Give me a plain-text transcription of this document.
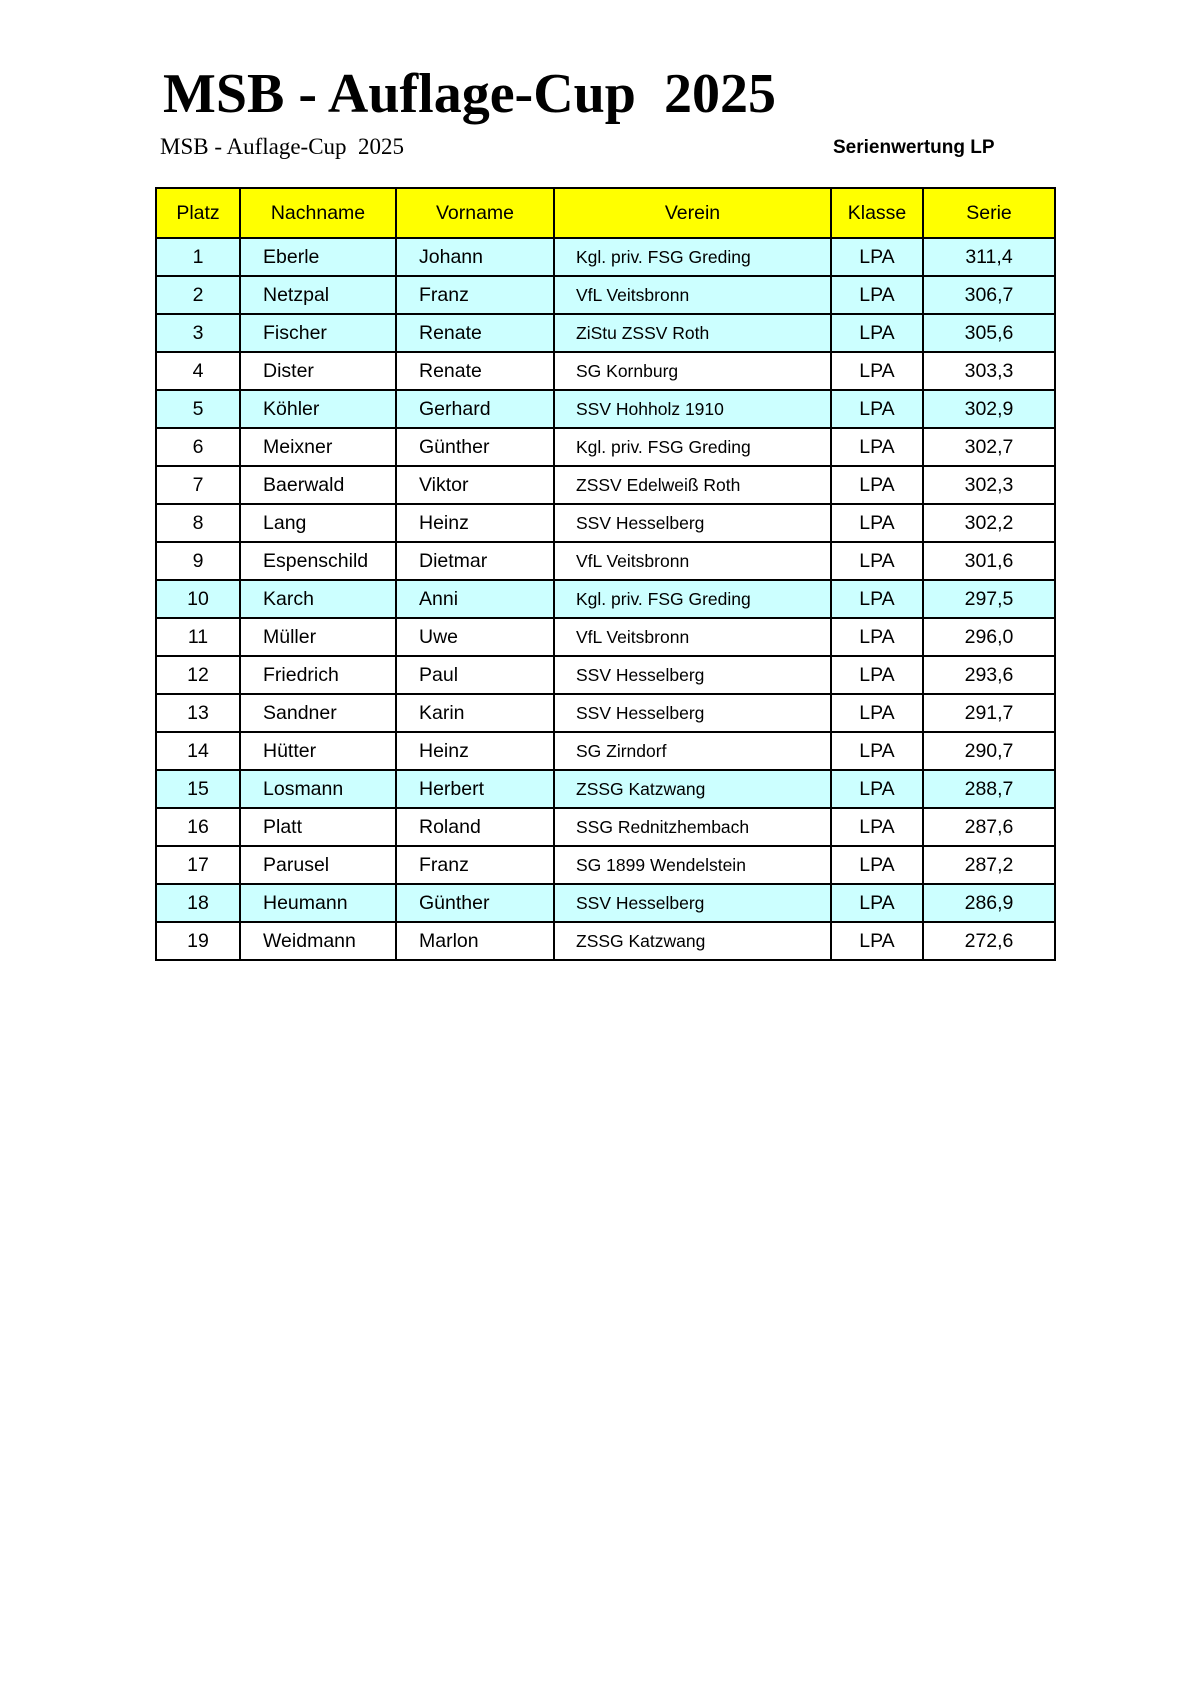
MSB - Auflage-Cup  2025
MSB - Auflage-Cup  2025	Serienwertung LP
Platz	Nachname	Vorname	Verein	Klasse	Serie
1	Eberle	Johann	Kgl. priv. FSG Greding	LPA	311,4
2	Netzpal	Franz	VfL Veitsbronn	LPA	306,7
3	Fischer	Renate	ZiStu ZSSV Roth	LPA	305,6
4	Dister	Renate	SG Kornburg	LPA	303,3
5	Köhler	Gerhard	SSV Hohholz 1910	LPA	302,9
6	Meixner	Günther	Kgl. priv. FSG Greding	LPA	302,7
7	Baerwald	Viktor	ZSSV Edelweiß Roth	LPA	302,3
8	Lang	Heinz	SSV Hesselberg	LPA	302,2
9	Espenschild	Dietmar	VfL Veitsbronn	LPA	301,6
10	Karch	Anni	Kgl. priv. FSG Greding	LPA	297,5
11	Müller	Uwe	VfL Veitsbronn	LPA	296,0
12	Friedrich	Paul	SSV Hesselberg	LPA	293,6
13	Sandner	Karin	SSV Hesselberg	LPA	291,7
14	Hütter	Heinz	SG Zirndorf	LPA	290,7
15	Losmann	Herbert	ZSSG Katzwang	LPA	288,7
16	Platt	Roland	SSG Rednitzhembach	LPA	287,6
17	Parusel	Franz	SG 1899 Wendelstein	LPA	287,2
18	Heumann	Günther	SSV Hesselberg	LPA	286,9
19	Weidmann	Marlon	ZSSG Katzwang	LPA	272,6
